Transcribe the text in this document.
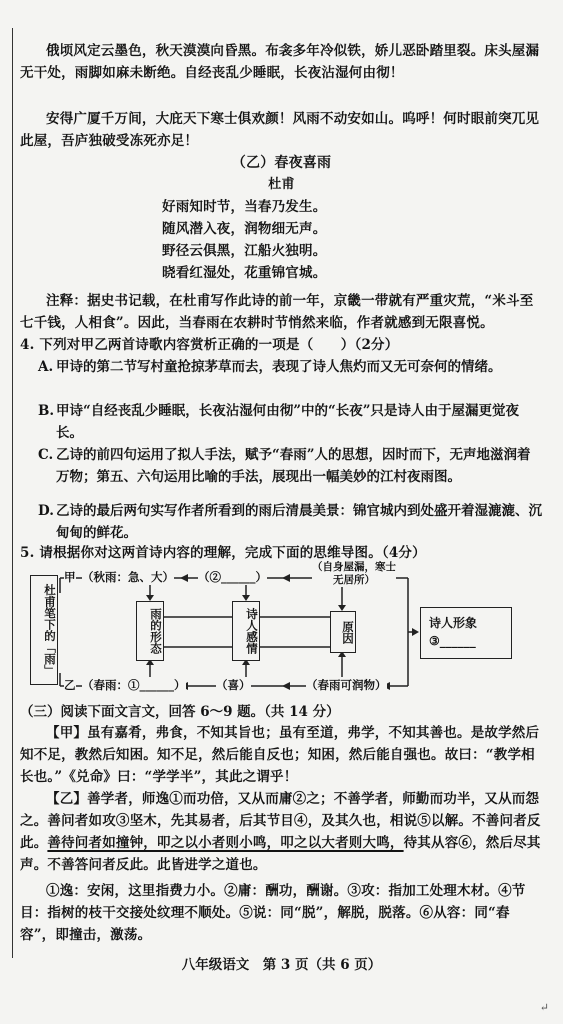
俄顷风定云墨色，秋天漠漠向昏黑。布衾多年冷似铁，娇儿恶卧踏里裂。床头屋漏无干处，雨脚如麻未断绝。自经丧乱少睡眠，长夜沾湿何由彻！
安得广厦千万间，大庇天下寒士俱欢颜！风雨不动安如山。呜呼！何时眼前突兀见此屋，吾庐独破受冻死亦足！
（乙）春夜喜雨
杜甫
好雨知时节，当春乃发生。
随风潜入夜，润物细无声。
野径云俱黑，江船火独明。
晓看红湿处，花重锦官城。
注释：据史书记载，在杜甫写作此诗的前一年，京畿一带就有严重灾荒，“米斗至七千钱，人相食”。因此，当春雨在农耕时节悄然来临，作者就感到无限喜悦。
4. 下列对甲乙两首诗歌内容赏析正确的一项是（　　）（2分）
A. 甲诗的第二节写村童抢掠茅草而去，表现了诗人焦灼而又无可奈何的情绪。
B. 甲诗“自经丧乱少睡眠，长夜沾湿何由彻”中的“长夜”只是诗人由于屋漏更觉夜长。
C. 乙诗的前四句运用了拟人手法，赋予“春雨”人的思想，因时而下，无声地滋润着万物；第五、六句运用比喻的手法，展现出一幅美妙的江村夜雨图。
D. 乙诗的最后两句实写作者所看到的雨后清晨美景：锦官城内到处盛开着湿漉漉、沉甸甸的鲜花。
5. 请根据你对这两首诗内容的理解，完成下面的思维导图。（4分）
杜甫笔下的「雨」
甲
乙
（秋雨：急、大） （②______）
（自身屋漏，寒士无居所）
（春雨：①______）	（喜）	（春雨可润物）
雨的形态	诗人感情	原因	诗人形象
③______
（三）阅读下面文言文，回答 6～9 题。（共 14 分）
【甲】虽有嘉肴，弗食，不知其旨也；虽有至道，弗学，不知其善也。是故学然后知不足，教然后知困。知不足，然后能自反也；知困，然后能自强也。故曰：“教学相长也。”《兑命》曰：“学学半”，其此之谓乎！
【乙】善学者，师逸①而功倍，又从而庸②之；不善学者，师勤而功半，又从而怨之。善问者如攻③坚木，先其易者，后其节目④，及其久也，相说⑤以解。不善问者反此。善待问者如撞钟，叩之以小者则小鸣，叩之以大者则大鸣，待其从容⑥，然后尽其声。不善答问者反此。此皆进学之道也。
①逸：安闲，这里指费力小。②庸：酬功，酬谢。③攻：指加工处理木材。④节目：指树的枝干交接处纹理不顺处。⑤说：同“脱”，解脱，脱落。⑥从容：同“舂容”，即撞击，激荡。
八年级语文　第 3 页（共 6 页）
↵
